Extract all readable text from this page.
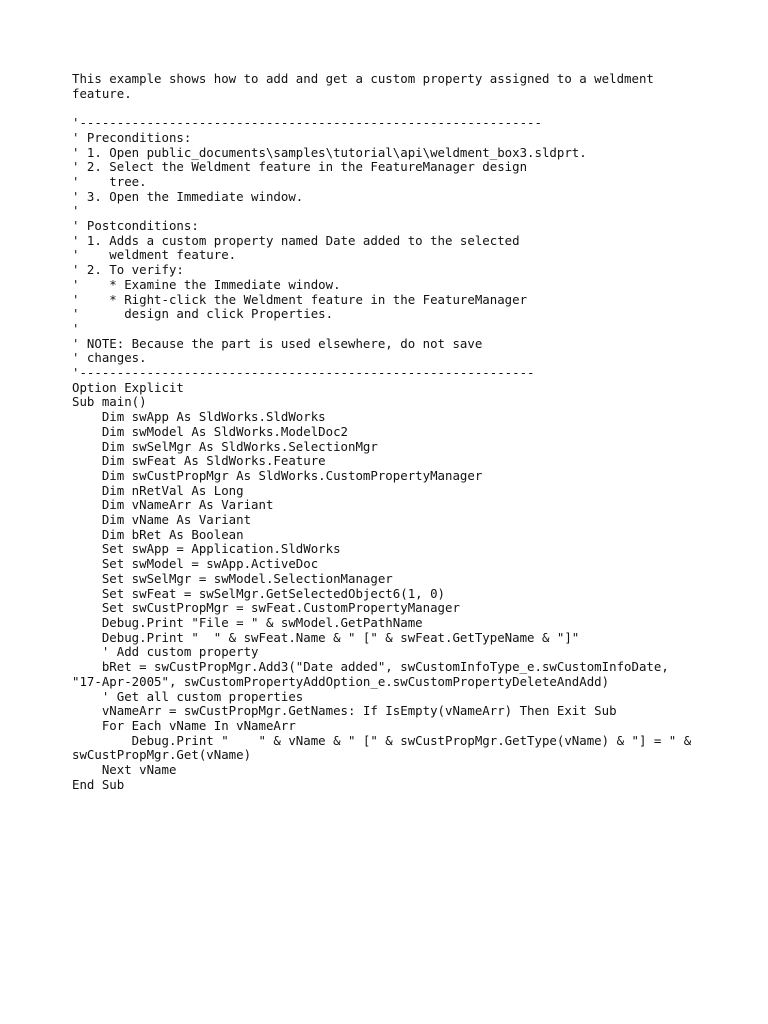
This example shows how to add and get a custom property assigned to a weldment
feature.
'--------------------------------------------------------------
' Preconditions:
' 1. Open public_documents\samples\tutorial\api\weldment_box3.sldprt.
' 2. Select the Weldment feature in the FeatureManager design
'    tree.
' 3. Open the Immediate window.
'
' Postconditions:
' 1. Adds a custom property named Date added to the selected
'    weldment feature.
' 2. To verify:
'    * Examine the Immediate window.
'    * Right-click the Weldment feature in the FeatureManager
'      design and click Properties.
'
' NOTE: Because the part is used elsewhere, do not save
' changes.
'-------------------------------------------------------------
Option Explicit
Sub main()
Dim swApp As SldWorks.SldWorks
Dim swModel As SldWorks.ModelDoc2
Dim swSelMgr As SldWorks.SelectionMgr
Dim swFeat As SldWorks.Feature
Dim swCustPropMgr As SldWorks.CustomPropertyManager
Dim nRetVal As Long
Dim vNameArr As Variant
Dim vName As Variant
Dim bRet As Boolean
Set swApp = Application.SldWorks
Set swModel = swApp.ActiveDoc
Set swSelMgr = swModel.SelectionManager
Set swFeat = swSelMgr.GetSelectedObject6(1, 0)
Set swCustPropMgr = swFeat.CustomPropertyManager
Debug.Print "File = " & swModel.GetPathName
Debug.Print "  " & swFeat.Name & " [" & swFeat.GetTypeName & "]"
' Add custom property
bRet = swCustPropMgr.Add3("Date added", swCustomInfoType_e.swCustomInfoDate,
"17-Apr-2005", swCustomPropertyAddOption_e.swCustomPropertyDeleteAndAdd)
' Get all custom properties
vNameArr = swCustPropMgr.GetNames: If IsEmpty(vNameArr) Then Exit Sub
For Each vName In vNameArr
Debug.Print "    " & vName & " [" & swCustPropMgr.GetType(vName) & "] = " &
swCustPropMgr.Get(vName)
Next vName
End Sub
